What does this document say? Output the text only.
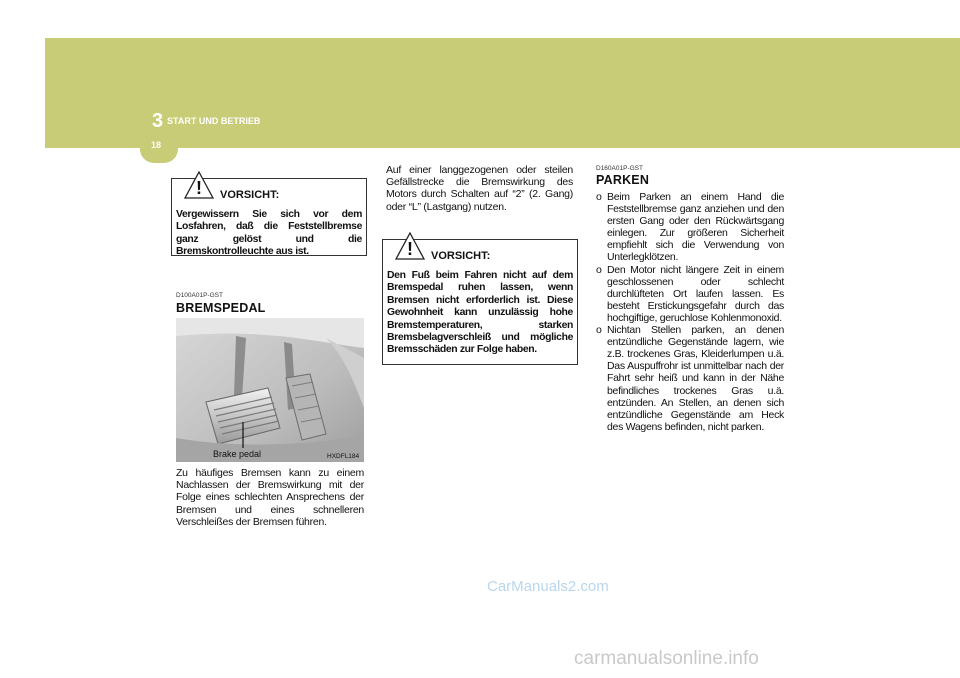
3 START UND BETRIEB
18
! VORSICHT:
Vergewissern Sie sich vor dem Losfahren, daß die Feststellbremse ganz gelöst und die Bremskontrolleuchte aus ist.
D100A01P-GST
BREMSPEDAL
Brake pedal	HXDFL184
Zu häufiges Bremsen kann zu einem Nachlassen der Bremswirkung mit der Folge eines schlechten Ansprechens der Bremsen und eines schnelleren Verschleißes der Bremsen führen.
Auf einer langgezogenen oder steilen Gefällstrecke die Bremswirkung des Motors durch Schalten auf “2” (2. Gang) oder “L” (Lastgang) nutzen.
! VORSICHT:
Den Fuß beim Fahren nicht auf dem Bremspedal ruhen lassen, wenn Bremsen nicht erforderlich ist. Diese Gewohnheit kann unzulässig hohe Bremstemperaturen, starken Bremsbelagverschleiß und mögliche Bremsschäden zur Folge haben.
D160A01P-GST
PARKEN
o Beim Parken an einem Hand die Feststellbremse ganz anziehen und den ersten Gang oder den Rückwärtsgang einlegen. Zur größeren Sicherheit empfiehlt sich die Verwendung von Unterlegklötzen.
o Den Motor nicht längere Zeit in einem geschlossenen oder schlecht durchlüfteten Ort laufen lassen. Es besteht Erstickungsgefahr durch das hochgiftige, geruchlose Kohlenmonoxid.
o Nichtan Stellen parken, an denen entzündliche Gegenstände lagern, wie z.B. trockenes Gras, Kleiderlumpen u.ä. Das Auspuffrohr ist unmittelbar nach der Fahrt sehr heiß und kann in der Nähe befindliches trockenes Gras u.ä. entzünden. An Stellen, an denen sich entzündliche Gegenstände am Heck des Wagens befinden, nicht parken.
CarManuals2.com
carmanualsonline.info
